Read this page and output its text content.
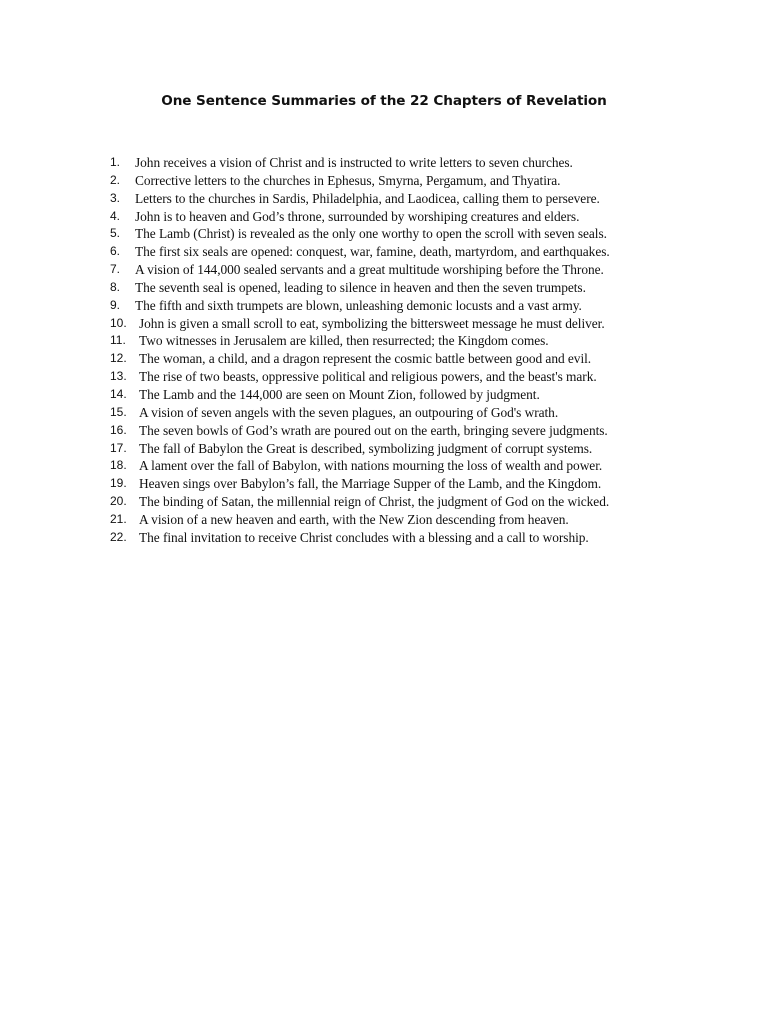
One Sentence Summaries of the 22 Chapters of Revelation
1.	John receives a vision of Christ and is instructed to write letters to seven churches.
2.	Corrective letters to the churches in Ephesus, Smyrna, Pergamum, and Thyatira.
3.	Letters to the churches in Sardis, Philadelphia, and Laodicea, calling them to persevere.
4.	John is to heaven and God’s throne, surrounded by worshiping creatures and elders.
5.	The Lamb (Christ) is revealed as the only one worthy to open the scroll with seven seals.
6.	The first six seals are opened: conquest, war, famine, death, martyrdom, and earthquakes.
7.	A vision of 144,000 sealed servants and a great multitude worshiping before the Throne.
8.	The seventh seal is opened, leading to silence in heaven and then the seven trumpets.
9.	The fifth and sixth trumpets are blown, unleashing demonic locusts and a vast army.
10. John is given a small scroll to eat, symbolizing the bittersweet message he must deliver.
11. Two witnesses in Jerusalem are killed, then resurrected; the Kingdom comes.
12. The woman, a child, and a dragon represent the cosmic battle between good and evil.
13. The rise of two beasts, oppressive political and religious powers, and the beast's mark.
14. The Lamb and the 144,000 are seen on Mount Zion, followed by judgment.
15. A vision of seven angels with the seven plagues, an outpouring of God's wrath.
16. The seven bowls of God’s wrath are poured out on the earth, bringing severe judgments.
17. The fall of Babylon the Great is described, symbolizing judgment of corrupt systems.
18. A lament over the fall of Babylon, with nations mourning the loss of wealth and power.
19. Heaven sings over Babylon’s fall, the Marriage Supper of the Lamb, and the Kingdom.
20. The binding of Satan, the millennial reign of Christ, the judgment of God on the wicked.
21. A vision of a new heaven and earth, with the New Zion descending from heaven.
22. The final invitation to receive Christ concludes with a blessing and a call to worship.
